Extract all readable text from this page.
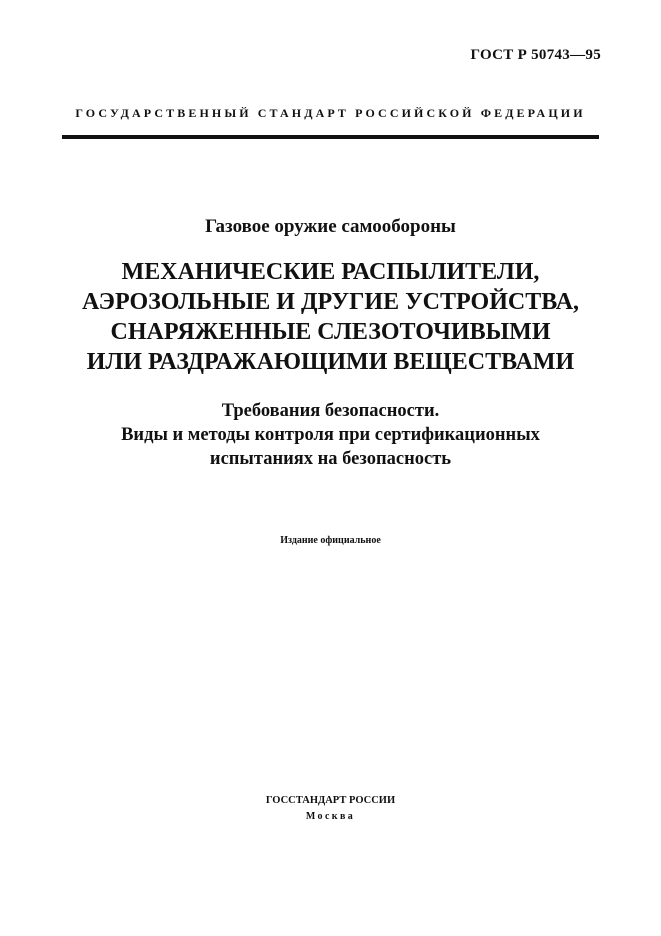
ГОСТ Р 50743—95
ГОСУДАРСТВЕННЫЙ СТАНДАРТ РОССИЙСКОЙ ФЕДЕРАЦИИ
Газовое оружие самообороны
МЕХАНИЧЕСКИЕ РАСПЫЛИТЕЛИ,
АЭРОЗОЛЬНЫЕ И ДРУГИЕ УСТРОЙСТВА,
СНАРЯЖЕННЫЕ СЛЕЗОТОЧИВЫМИ
ИЛИ РАЗДРАЖАЮЩИМИ ВЕЩЕСТВАМИ
Требования безопасности.
Виды и методы контроля при сертификационных
испытаниях на безопасность
Издание официальное
ГОССТАНДАРТ РОССИИ
Москва
